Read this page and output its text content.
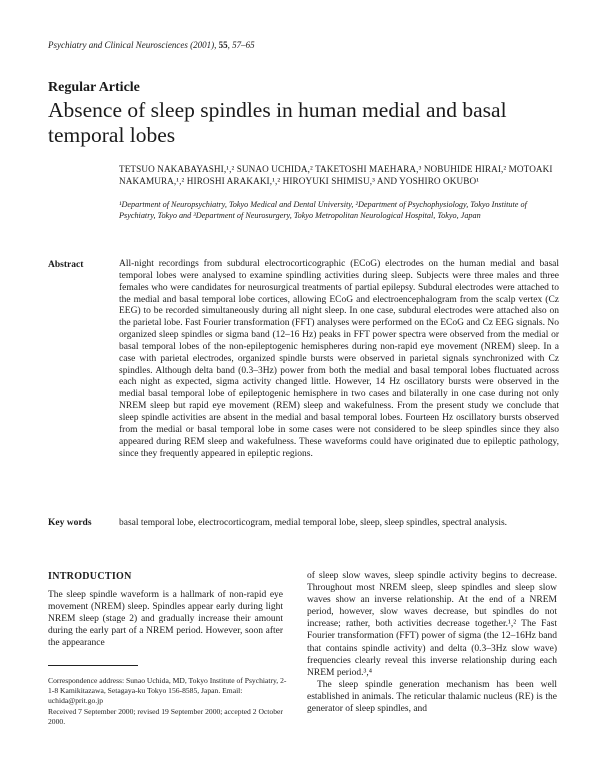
Psychiatry and Clinical Neurosciences (2001), 55, 57–65
Regular Article
Absence of sleep spindles in human medial and basal temporal lobes
TETSUO NAKABAYASHI,¹,² SUNAO UCHIDA,² TAKETOSHI MAEHARA,³ NOBUHIDE HIRAI,² MOTOAKI NAKAMURA,¹,² HIROSHI ARAKAKI,¹,² HIROYUKI SHIMISU,³ AND YOSHIRO OKUBO¹
¹Department of Neuropsychiatry, Tokyo Medical and Dental University, ²Department of Psychophysiology, Tokyo Institute of Psychiatry, Tokyo and ³Department of Neurosurgery, Tokyo Metropolitan Neurological Hospital, Tokyo, Japan
Abstract	All-night recordings from subdural electrocorticographic (ECoG) electrodes on the human medial and basal temporal lobes were analysed to examine spindling activities during sleep. Subjects were three males and three females who were candidates for neurosurgical treatments of partial epilepsy. Subdural electrodes were attached to the medial and basal temporal lobe cortices, allowing ECoG and electroencephalogram from the scalp vertex (Cz EEG) to be recorded simultaneously during all night sleep. In one case, subdural electrodes were attached also on the parietal lobe. Fast Fourier transformation (FFT) analyses were performed on the ECoG and Cz EEG signals. No organized sleep spindles or sigma band (12–16 Hz) peaks in FFT power spectra were observed from the medial or basal temporal lobes of the non-epileptogenic hemispheres during non-rapid eye movement (NREM) sleep. In a case with parietal electrodes, organized spindle bursts were observed in parietal signals synchronized with Cz spindles. Although delta band (0.3–3Hz) power from both the medial and basal temporal lobes fluctuated across each night as expected, sigma activity changed little. However, 14 Hz oscillatory bursts were observed in the medial basal temporal lobe of epileptogenic hemisphere in two cases and bilaterally in one case during not only NREM sleep but rapid eye movement (REM) sleep and wakefulness. From the present study we conclude that sleep spindle activities are absent in the medial and basal temporal lobes. Fourteen Hz oscillatory bursts observed from the medial or basal temporal lobe in some cases were not considered to be sleep spindles since they also appeared during REM sleep and wakefulness. These waveforms could have originated due to epileptic pathology, since they frequently appeared in epileptic regions.
Key words	basal temporal lobe, electrocorticogram, medial temporal lobe, sleep, sleep spindles, spectral analysis.
INTRODUCTION

The sleep spindle waveform is a hallmark of non-rapid eye movement (NREM) sleep. Spindles appear early during light NREM sleep (stage 2) and gradually increase their amount during the early part of a NREM period. However, soon after the appearance

Correspondence address: Sunao Uchida, MD, Tokyo Institute of Psychiatry, 2-1-8 Kamikitazawa, Setagaya-ku Tokyo 156-8585, Japan. Email: uchida@prit.go.jp

Received 7 September 2000; revised 19 September 2000; accepted 2 October 2000.

of sleep slow waves, sleep spindle activity begins to decrease. Throughout most NREM sleep, sleep spindles and sleep slow waves show an inverse relationship. At the end of a NREM period, however, slow waves decrease, but spindles do not increase; rather, both activities decrease together.¹,² The Fast Fourier transformation (FFT) power of sigma (the 12–16Hz band that contains spindle activity) and delta (0.3–3Hz slow wave) frequencies clearly reveal this inverse relationship during each NREM period.³,⁴

The sleep spindle generation mechanism has been well established in animals. The reticular thalamic nucleus (RE) is the generator of sleep spindles, and
